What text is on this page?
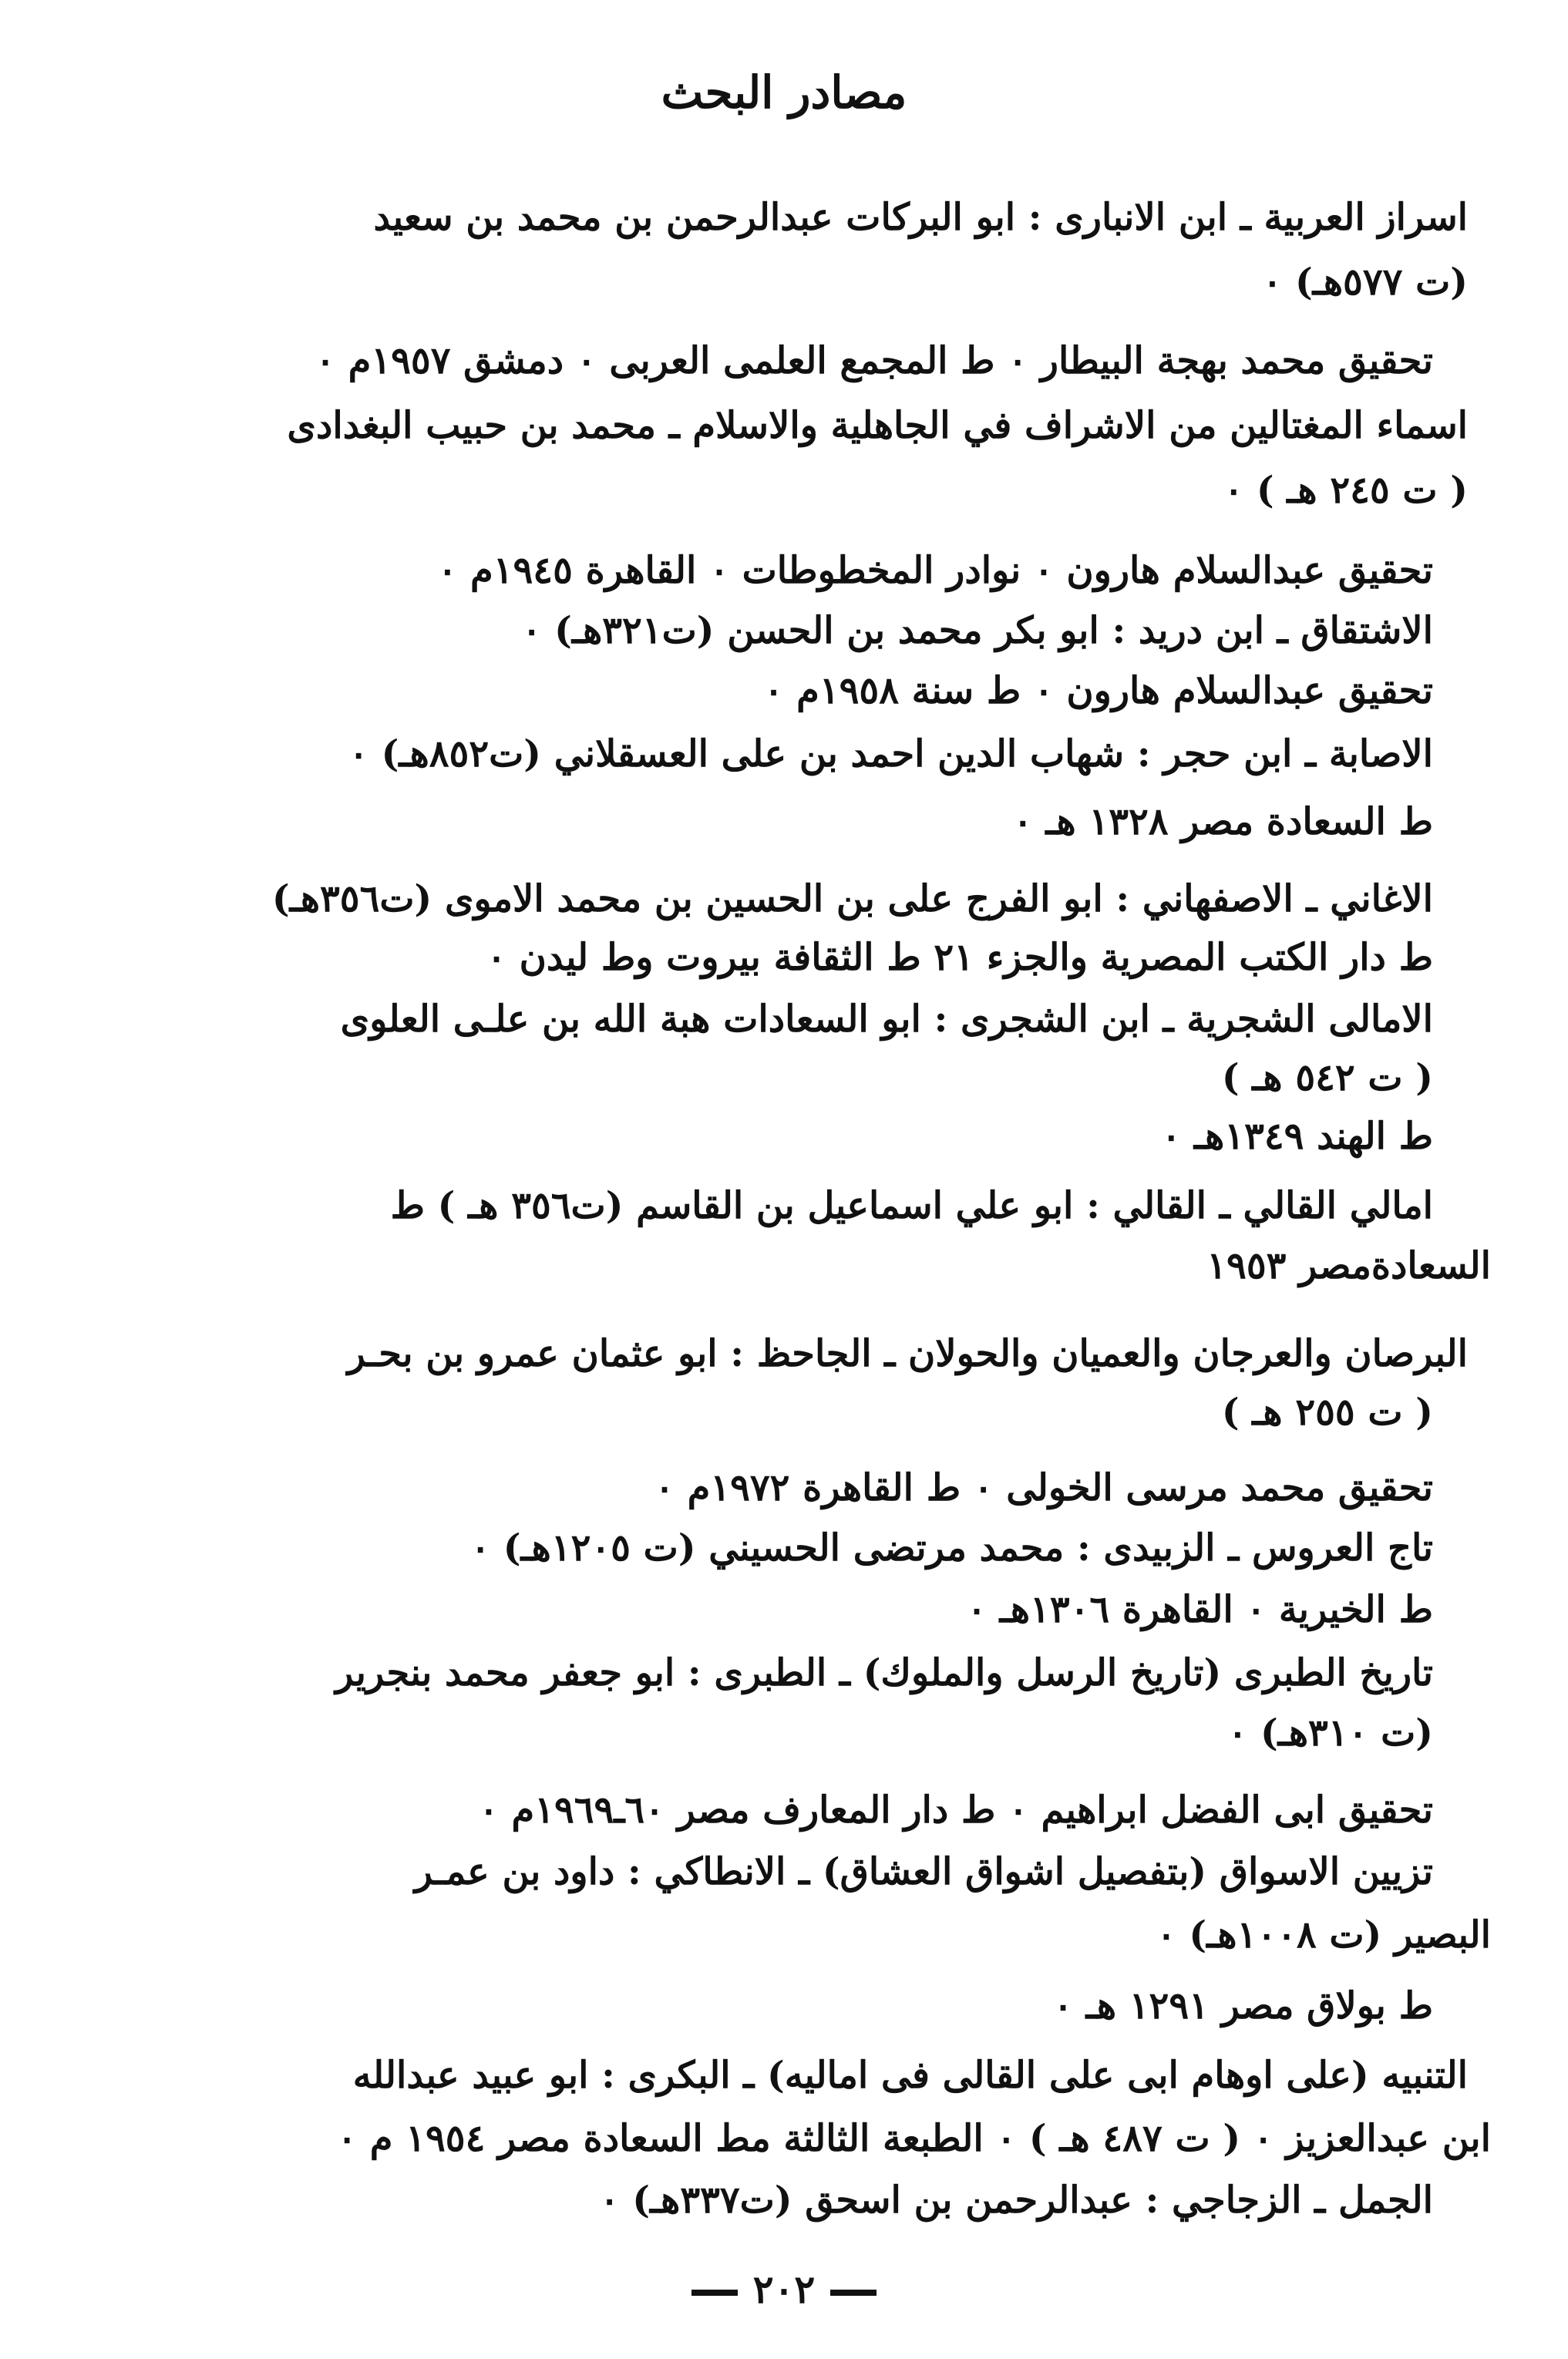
مصادر البحث
اسراز العربية ـ ابن الانبارى : ابو البركات عبدالرحمن بن محمد بن سعيد
(ت ٥٧٧هـ) ٠
تحقيق محمد بهجة البيطار ٠ ط المجمع العلمى العربى ٠ دمشق ١٩٥٧م ٠
اسماء المغتالين من الاشراف في الجاهلية والاسلام ـ محمد بن حبيب البغدادى
( ت ٢٤٥ هـ ) ٠
تحقيق عبدالسلام هارون ٠ نوادر المخطوطات ٠ القاهرة ١٩٤٥م ٠
الاشتقاق ـ ابن دريد : ابو بكر محمد بن الحسن (ت٣٢١هـ) ٠
تحقيق عبدالسلام هارون ٠ ط سنة ١٩٥٨م ٠
الاصابة ـ ابن حجر : شهاب الدين احمد بن على العسقلاني (ت٨٥٢هـ) ٠
ط السعادة مصر ١٣٢٨ هـ ٠
الاغاني ـ الاصفهاني : ابو الفرج على بن الحسين بن محمد الاموى (ت٣٥٦هـ)
ط دار الكتب المصرية والجزء ٢١ ط الثقافة بيروت وط ليدن ٠
الامالى الشجرية ـ ابن الشجرى : ابو السعادات هبة الله بن علـى العلوى
( ت ٥٤٢ هـ )
ط الهند ١٣٤٩هـ ٠
امالي القالي ـ القالي : ابو علي اسماعيل بن القاسم (ت٣٥٦ هـ ) ط
السعادةمصر ١٩٥٣
البرصان والعرجان والعميان والحولان ـ الجاحظ : ابو عثمان عمرو بن بحـر
( ت ٢٥٥ هـ )
تحقيق محمد مرسى الخولى ٠ ط القاهرة ١٩٧٢م ٠
تاج العروس ـ الزبيدى : محمد مرتضى الحسيني (ت ١٢٠٥هـ) ٠
ط الخيرية ٠ القاهرة ١٣٠٦هـ ٠
تاريخ الطبرى (تاريخ الرسل والملوك) ـ الطبرى : ابو جعفر محمد بنجرير
(ت ٣١٠هـ) ٠
تحقيق ابى الفضل ابراهيم ٠ ط دار المعارف مصر ٦٠ـ١٩٦٩م ٠
تزيين الاسواق (بتفصيل اشواق العشاق) ـ الانطاكي : داود بن عمـر
البصير (ت ١٠٠٨هـ) ٠
ط بولاق مصر ١٢٩١ هـ ٠
التنبيه (على اوهام ابى على القالى فى اماليه) ـ البكرى : ابو عبيد عبدالله
ابن عبدالعزيز ٠ ( ت ٤٨٧ هـ ) ٠ الطبعة الثالثة مط السعادة مصر ١٩٥٤ م ٠
الجمل ـ الزجاجي : عبدالرحمن بن اسحق (ت٣٣٧هـ) ٠
٢٠٢
